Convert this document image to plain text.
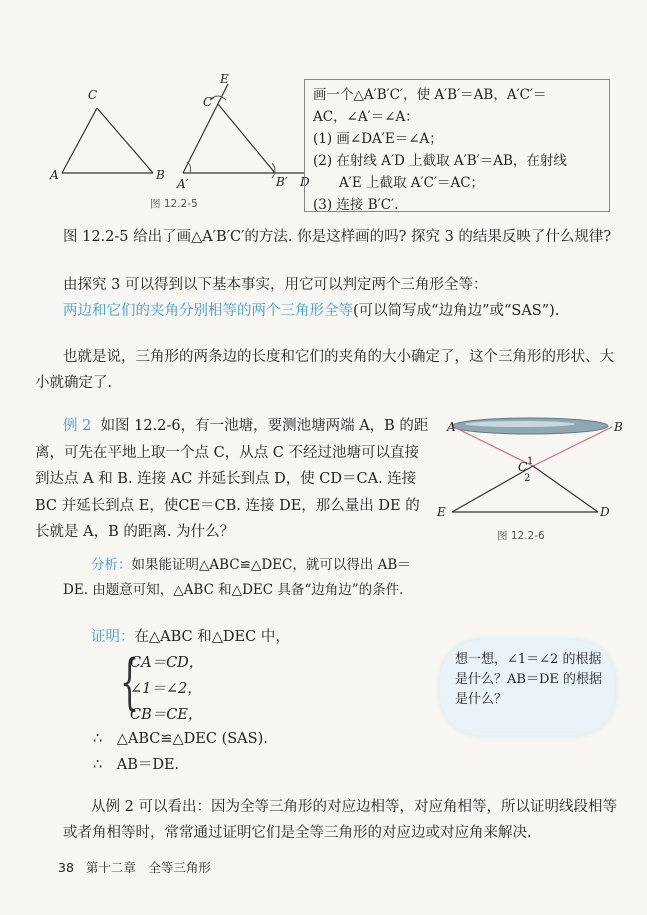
C
A	B
E
C′
A′	B′ D
图 12.2-5
画一个△A′B′C′，使 A′B′＝AB，A′C′＝
AC，∠A′＝∠A：
(1) 画∠DA′E＝∠A；
(2) 在射线 A′D 上截取 A′B′＝AB，在射线
A′E 上截取 A′C′＝AC；
(3) 连接 B′C′.
图 12.2-5 给出了画△A′B′C′的方法. 你是这样画的吗? 探究 3 的结果反映了什么规律?
由探究 3 可以得到以下基本事实，用它可以判定两个三角形全等：
两边和它们的夹角分别相等的两个三角形全等(可以简写成“边角边”或“SAS”).
也就是说，三角形的两条边的长度和它们的夹角的大小确定了，这个三角形的形状、大小就确定了.
例 2 如图 12.2-6，有一池塘，要测池塘两端 A，B 的距离，可先在平地上取一个点 C，从点 C 不经过池塘可以直接到达点 A 和 B. 连接 AC 并延长到点 D，使 CD＝CA. 连接 BC 并延长到点 E，使CE＝CB. 连接 DE，那么量出 DE 的长就是 A，B 的距离. 为什么？
A	B
C 1
2
E	D
图 12.2-6
分析：如果能证明△ABC≌△DEC，就可以得出 AB＝DE. 由题意可知，△ABC 和△DEC 具备“边角边”的条件.
证明：在△ABC 和△DEC 中，
{
CA＝CD，
∠1＝∠2，
CB＝CE，
∴　△ABC≌△DEC (SAS).
∴　AB＝DE.
想一想，∠1＝∠2 的根据是什么？AB＝DE 的根据是什么？
从例 2 可以看出：因为全等三角形的对应边相等，对应角相等，所以证明线段相等或者角相等时，常常通过证明它们是全等三角形的对应边或对应角来解决.
38 第十二章　全等三角形
